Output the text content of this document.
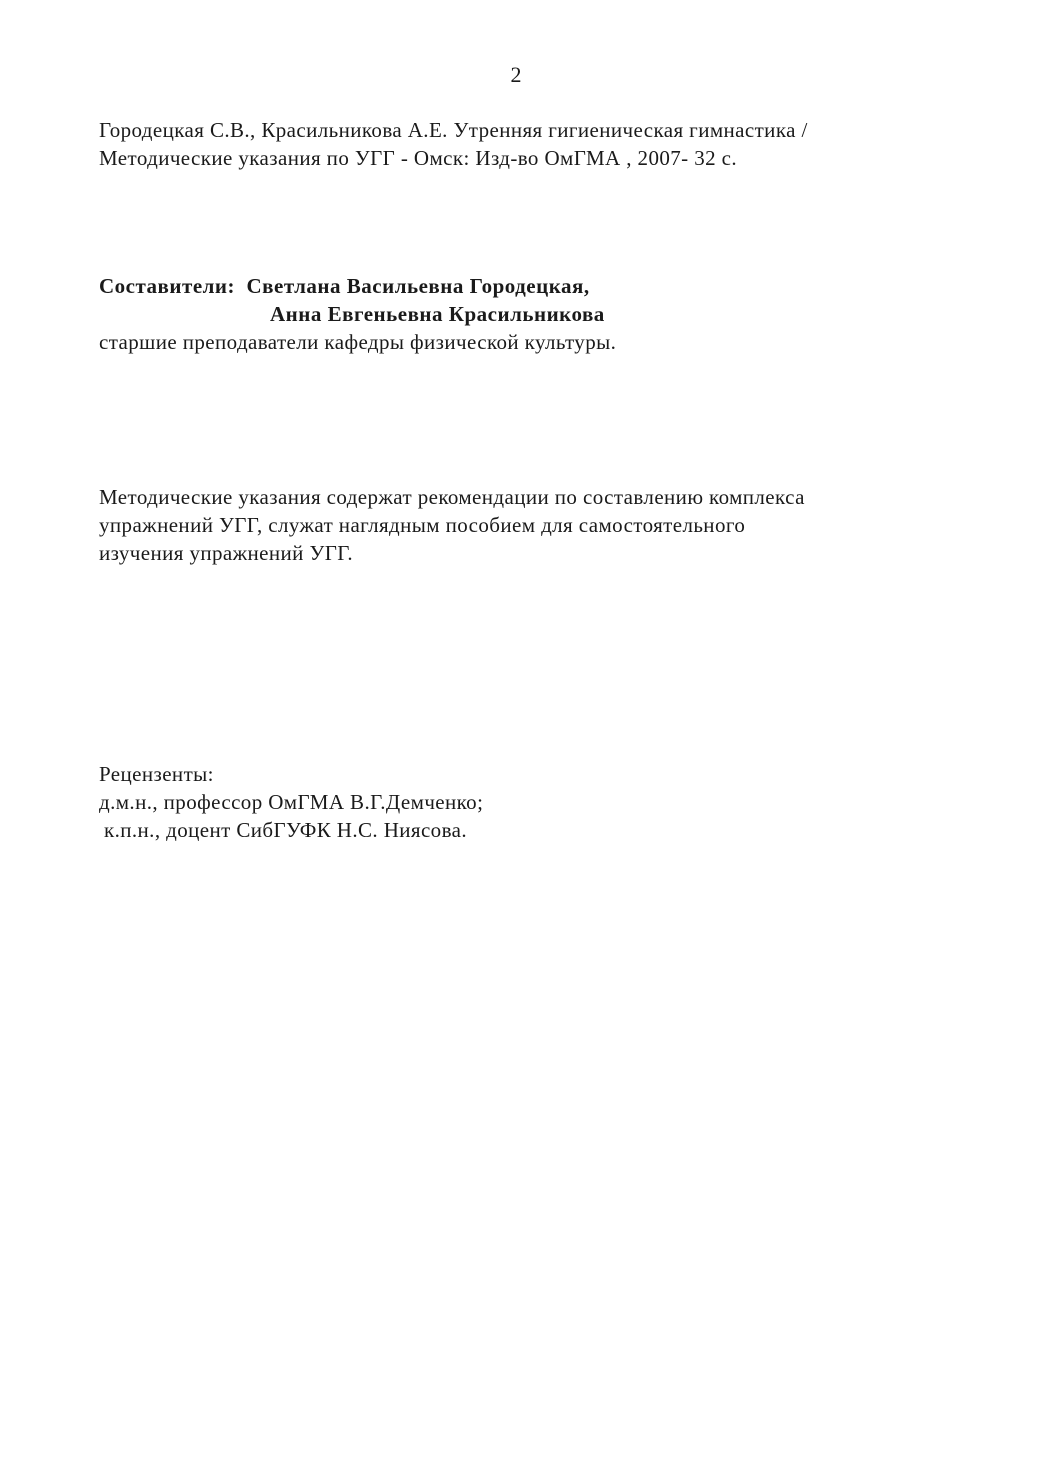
2
Городецкая С.В., Красильникова А.Е. Утренняя гигиеническая гимнастика /
Методические указания по УГГ - Омск: Изд-во ОмГМА , 2007- 32 с.
Составители: Светлана Васильевна Городецкая,
Анна Евгеньевна Красильникова
старшие преподаватели кафедры физической культуры.
Методические указания содержат рекомендации по составлению комплекса
упражнений УГГ, служат наглядным пособием для самостоятельного
изучения упражнений УГГ.
Рецензенты:
д.м.н., профессор ОмГМА В.Г.Демченко;
к.п.н., доцент СибГУФК Н.С. Ниясова.
